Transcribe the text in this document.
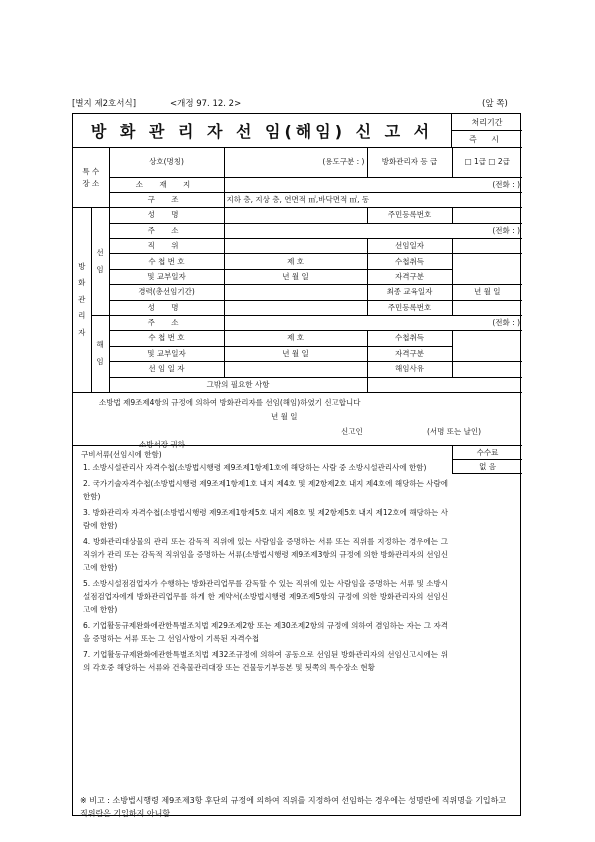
[별지 제2호서식]	<개정 97. 12. 2>	(앞 쪽)
방 화 관 리 자 선 임(해임) 신 고 서	처리기간
즉 시
특 수 장 소		상호(명칭)	(용도구분 : )	방화관리자 등 급	□ 1급 □ 2급
		소 재 지	(전화 : )		
		구 조	지하 층, 지상 층, 연면적 ㎡,바닥면적 ㎡, 동		
방화관리자	선 임	성 명		주민등록번호	
		주 소	(전화 : )		
		직 위		선임일자	
		수 첩 번 호	제 호	수첩취득	
		및 교부일자	년 월 일	자격구분	
		경력(총선임기간)		최종 교육일자	년 월 일
		성 명		주민등록번호	
	해 임	주 소	(전화 : )		
		수 첩 번 호	제 호	수첩취득	
		및 교부일자	년 월 일	자격구분	
		선 임 일 자		해임사유	
		그밖의 필요한 사항			
소방법 제9조제4항의 규정에 의하여 방화관리자를 선임(해임)하였기 신고합니다
년 월 일
신고인	(서명 또는 날인)
소방서장 귀하
구비서류(선임시에 한함)	수수료
없 음
1. 소방시설관리사 자격수첩(소방법시행령 제9조제1항제1호에 해당하는 사람 중 소방시설관리사에 한함)
2. 국가기술자격수첩(소방법시행령 제9조제1항제1호 내지 제4호 및 제2항제2호 내지 제4호에 해당하는 사람에 한함)
3. 방화관리자 자격수첩(소방법시행령 제9조제1항제5호 내지 제8호 및 제2항제5호 내지 제12호에 해당하는 사람에 한함)
4. 방화관리대상물의 관리 또는 감독적 직위에 있는 사람임을 증명하는 서류 또는 직위를 지정하는 경우에는 그 직위가 관리 또는 감독적 직위임을 증명하는 서류(소방법시행령 제9조제3항의 규정에 의한 방화관리자의 선임신고에 한함)
5. 소방시설점검업자가 수행하는 방화관리업무를 감독할 수 있는 직위에 있는 사람임을 증명하는 서류 및 소방시설점검업자에게 방화관리업무를 하게 한 계약서(소방법시행령 제9조제5항의 규정에 의한 방화관리자의 선임신고에 한함)
6. 기업활동규제완화에관한특별조치법 제29조제2항 또는 제30조제2항의 규정에 의하여 겸임하는 자는 그 자격을 증명하는 서류 또는 그 선임사항이 기록된 자격수첩
7. 기업활동규제완화에관한특별조치법 제32조규정에 의하여 공동으로 선임된 방화관리자의 선임신고시에는 위의 각호중 해당하는 서류와 건축물관리대장 또는 건물등기부등본 및 됫쪽의 특수장소 현황
※ 비고 : 소방법시행령 제9조제3항 후단의 규정에 의하여 직위를 지정하여 선임하는 경우에는 성명란에 직위명을 기입하고 직위란은 기입하지 아니함
